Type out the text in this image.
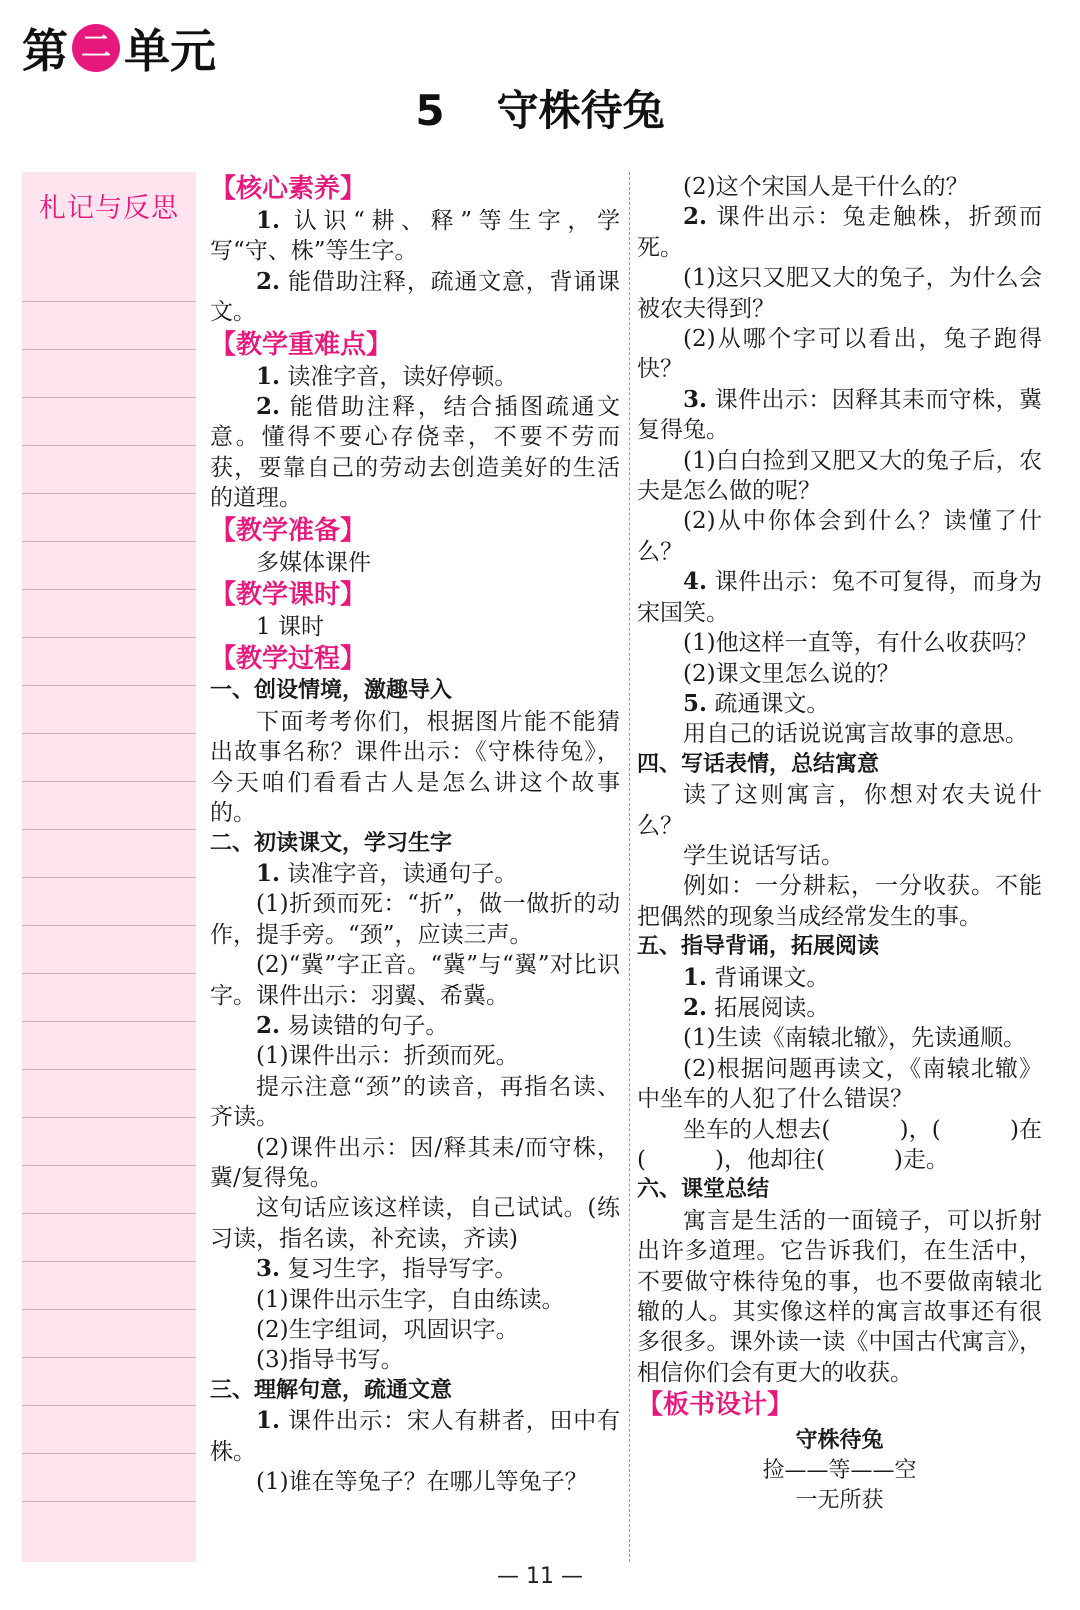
第 二 单元
5 守株待兔
札记与反思

【核心素养】

1. 认识“耕、释”等生字，学写“守、株”等生字。

2. 能借助注释，疏通文意，背诵课文。

【教学重难点】

1. 读准字音，读好停顿。

2. 能借助注释，结合插图疏通文意。懂得不要心存侥幸，不要不劳而获，要靠自己的劳动去创造美好的生活的道理。

【教学准备】

多媒体课件

【教学课时】

1 课时

【教学过程】

一、创设情境，激趣导入

下面考考你们，根据图片能不能猜出故事名称？课件出示：《守株待兔》，今天咱们看看古人是怎么讲这个故事的。

二、初读课文，学习生字

1. 读准字音，读通句子。

(1)折颈而死：“折”，做一做折的动作，提手旁。“颈”，应读三声。

(2)“冀”字正音。“冀”与“翼”对比识字。课件出示：羽翼、希冀。

2. 易读错的句子。

(1)课件出示：折颈而死。

提示注意“颈”的读音，再指名读、齐读。

(2)课件出示：因/释其耒/而守株，冀/复得兔。

这句话应该这样读，自己试试。(练习读，指名读，补充读，齐读)

3. 复习生字，指导写字。

(1)课件出示生字，自由练读。

(2)生字组词，巩固识字。

(3)指导书写。

三、理解句意，疏通文意

1. 课件出示：宋人有耕者，田中有株。

(1)谁在等兔子？在哪儿等兔子？

(2)这个宋国人是干什么的？

2. 课件出示：兔走触株，折颈而死。

(1)这只又肥又大的兔子，为什么会被农夫得到？

(2)从哪个字可以看出，兔子跑得快？

3. 课件出示：因释其耒而守株，冀复得兔。

(1)白白捡到又肥又大的兔子后，农夫是怎么做的呢？

(2)从中你体会到什么？读懂了什么？

4. 课件出示：兔不可复得，而身为宋国笑。

(1)他这样一直等，有什么收获吗？

(2)课文里怎么说的？

5. 疏通课文。

用自己的话说说寓言故事的意思。

四、写话表情，总结寓意

读了这则寓言，你想对农夫说什么？

学生说话写话。

例如：一分耕耘，一分收获。不能把偶然的现象当成经常发生的事。

五、指导背诵，拓展阅读

1. 背诵课文。

2. 拓展阅读。

(1)生读《南辕北辙》，先读通顺。

(2)根据问题再读文，《南辕北辙》中坐车的人犯了什么错误？

坐车的人想去(　　　)，(　　　)在(　　　)，他却往(　　　)走。

六、课堂总结

寓言是生活的一面镜子，可以折射出许多道理。它告诉我们，在生活中，不要做守株待兔的事，也不要做南辕北辙的人。其实像这样的寓言故事还有很多很多。课外读一读《中国古代寓言》，相信你们会有更大的收获。

【板书设计】

守株待兔
捡——等——空
一无所获
— 11 —
